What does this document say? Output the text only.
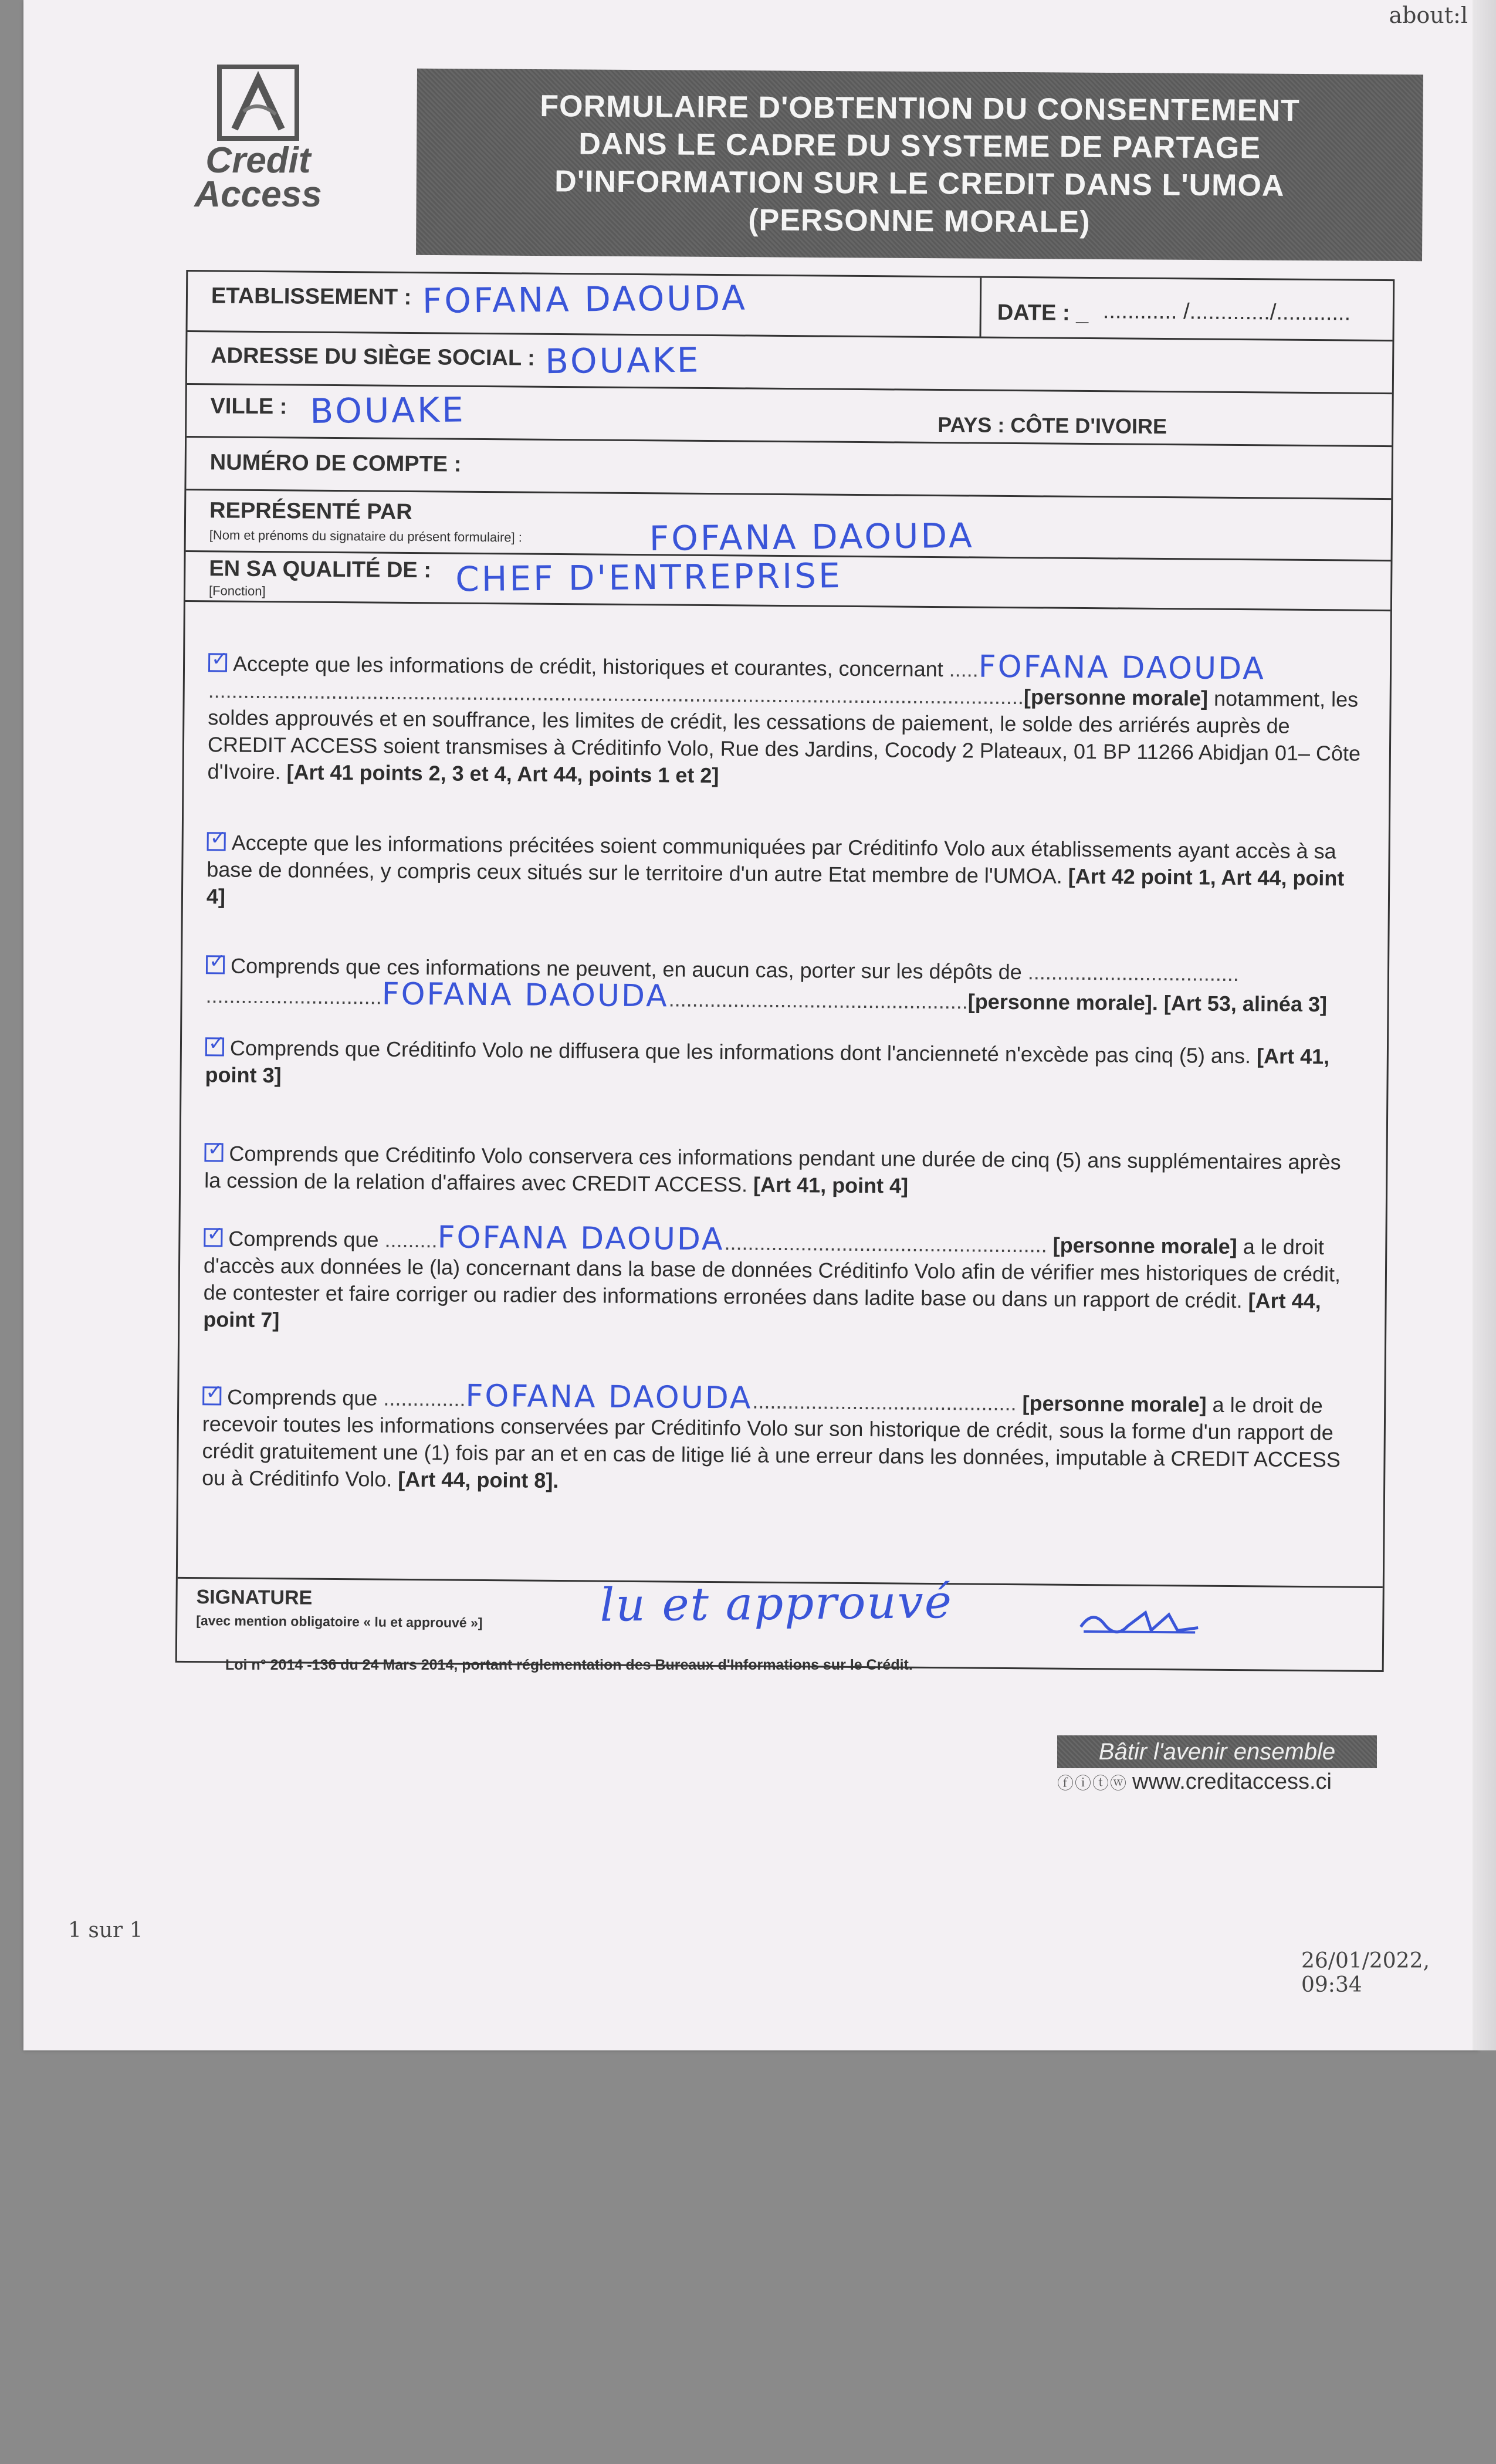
Credit
Access
FORMULAIRE D'OBTENTION DU CONSENTEMENT
DANS LE CADRE DU SYSTEME DE PARTAGE
D'INFORMATION SUR LE CREDIT DANS L'UMOA
(PERSONNE MORALE)
ETABLISSEMENT : FOFANA DAOUDA	DATE : _ ............ /............./............
ADRESSE DU SIÈGE SOCIAL : BOUAKE
VILLE : BOUAKE	PAYS : CÔTE D'IVOIRE
NUMÉRO DE COMPTE :
REPRÉSENTÉ PAR
[Nom et prénoms du signataire du présent formulaire] :	FOFANA DAOUDA
EN SA QUALITÉ DE :
[Fonction]	CHEF D'ENTREPRISE
✓Accepte que les informations de crédit, historiques et courantes, concernant .....FOFANA DAOUDA ...........................................................................................................................................[personne morale] notamment, les soldes approuvés et en souffrance, les limites de crédit, les cessations de paiement, le solde des arriérés auprès de CREDIT ACCESS soient transmises à Créditinfo Volo, Rue des Jardins, Cocody 2 Plateaux, 01 BP 11266 Abidjan 01– Côte d'Ivoire. [Art 41 points 2, 3 et 4, Art 44, points 1 et 2]
✓Accepte que les informations précitées soient communiquées par Créditinfo Volo aux établissements ayant accès à sa base de données, y compris ceux situés sur le territoire d'un autre Etat membre de l'UMOA. [Art 42 point 1, Art 44, point 4]
✓Comprends que ces informations ne peuvent, en aucun cas, porter sur les dépôts de .................................... ..............................FOFANA DAOUDA...................................................[personne morale]. [Art 53, alinéa 3]
✓Comprends que Créditinfo Volo ne diffusera que les informations dont l'ancienneté n'excède pas cinq (5) ans. [Art 41, point 3]
✓Comprends que Créditinfo Volo conservera ces informations pendant une durée de cinq (5) ans supplémentaires après la cession de la relation d'affaires avec CREDIT ACCESS. [Art 41, point 4]
✓Comprends que .........FOFANA DAOUDA....................................................... [personne morale] a le droit d'accès aux données le (la) concernant dans la base de données Créditinfo Volo afin de vérifier mes historiques de crédit, de contester et faire corriger ou radier des informations erronées dans ladite base ou dans un rapport de crédit. [Art 44, point 7]
✓Comprends que ..............FOFANA DAOUDA............................................. [personne morale] a le droit de recevoir toutes les informations conservées par Créditinfo Volo sur son historique de crédit, sous la forme d'un rapport de crédit gratuitement une (1) fois par an et en cas de litige lié à une erreur dans les données, imputable à CREDIT ACCESS ou à Créditinfo Volo. [Art 44, point 8].
SIGNATURE
[avec mention obligatoire « lu et approuvé »]	lu et approuvé
Loi n° 2014 -136 du 24 Mars 2014, portant réglementation des Bureaux d'Informations sur le Crédit.
Bâtir l'avenir ensemble
ⓕⓘⓣⓦ www.creditaccess.ci
about:l
1 sur 1
26/01/2022, 09:34
